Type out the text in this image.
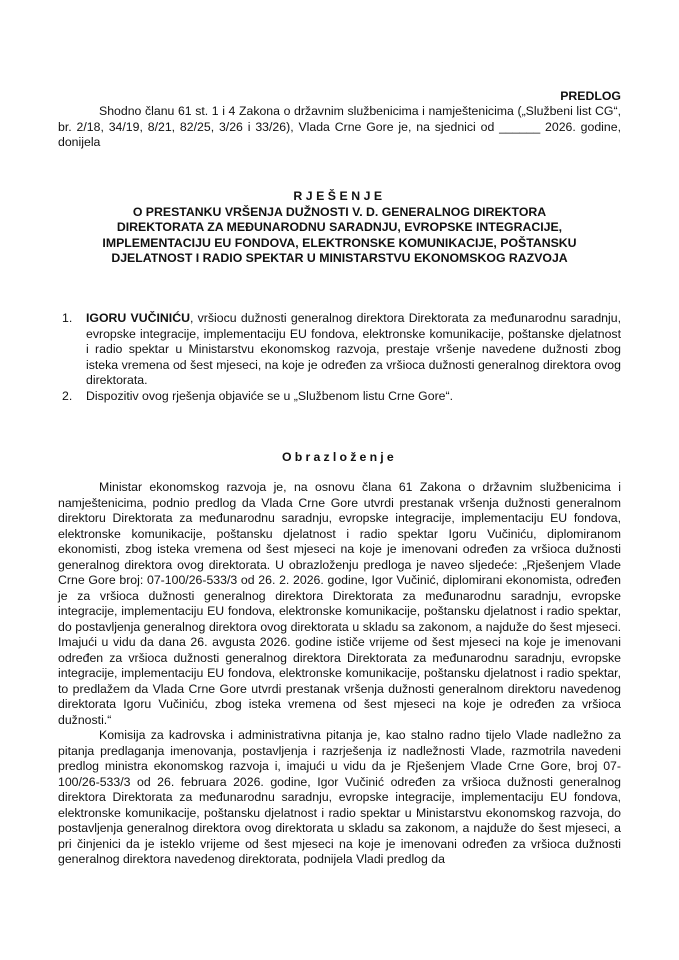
PREDLOG

Shodno članu 61 st. 1 i 4 Zakona o državnim službenicima i namještenicima („Službeni list CG“, br. 2/18, 34/19, 8/21, 82/25, 3/26 i 33/26), Vlada Crne Gore je, na sjednici od ______ 2026. godine, donijela

RJEŠENJE
O PRESTANKU VRŠENJA DUŽNOSTI V. D. GENERALNOG DIREKTORA
DIREKTORATA ZA MEĐUNARODNU SARADNJU, EVROPSKE INTEGRACIJE,
IMPLEMENTACIJU EU FONDOVA, ELEKTRONSKE KOMUNIKACIJE, POŠTANSKU
DJELATNOST I RADIO SPEKTAR U MINISTARSTVU EKONOMSKOG RAZVOJA
1.	IGORU VUČINIĆU, vršiocu dužnosti generalnog direktora Direktorata za međunarodnu saradnju, evropske integracije, implementaciju EU fondova, elektronske komunikacije, poštanske djelatnost i radio spektar u Ministarstvu ekonomskog razvoja, prestaje vršenje navedene dužnosti zbog isteka vremena od šest mjeseci, na koje je određen za vršioca dužnosti generalnog direktora ovog direktorata.
2.	Dispozitiv ovog rješenja objaviće se u „Službenom listu Crne Gore“.
Obrazloženje

Ministar ekonomskog razvoja je, na osnovu člana 61 Zakona o državnim službenicima i namještenicima, podnio predlog da Vlada Crne Gore utvrdi prestanak vršenja dužnosti generalnom direktoru Direktorata za međunarodnu saradnju, evropske integracije, implementaciju EU fondova, elektronske komunikacije, poštansku djelatnost i radio spektar Igoru Vučiniću, diplomiranom ekonomisti, zbog isteka vremena od šest mjeseci na koje je imenovani određen za vršioca dužnosti generalnog direktora ovog direktorata. U obrazloženju predloga je naveo sljedeće: „Rješenjem Vlade Crne Gore broj: 07-100/26-533/3 od 26. 2. 2026. godine, Igor Vučinić, diplomirani ekonomista, određen je za vršioca dužnosti generalnog direktora Direktorata za međunarodnu saradnju, evropske integracije, implementaciju EU fondova, elektronske komunikacije, poštansku djelatnost i radio spektar, do postavljenja generalnog direktora ovog direktorata u skladu sa zakonom, a najduže do šest mjeseci. Imajući u vidu da dana 26. avgusta 2026. godine ističe vrijeme od šest mjeseci na koje je imenovani određen za vršioca dužnosti generalnog direktora Direktorata za međunarodnu saradnju, evropske integracije, implementaciju EU fondova, elektronske komunikacije, poštansku djelatnost i radio spektar, to predlažem da Vlada Crne Gore utvrdi prestanak vršenja dužnosti generalnom direktoru navedenog direktorata Igoru Vučiniću, zbog isteka vremena od šest mjeseci na koje je određen za vršioca dužnosti.“

Komisija za kadrovska i administrativna pitanja je, kao stalno radno tijelo Vlade nadležno za pitanja predlaganja imenovanja, postavljenja i razrješenja iz nadležnosti Vlade, razmotrila navedeni predlog ministra ekonomskog razvoja i, imajući u vidu da je Rješenjem Vlade Crne Gore, broj 07-100/26-533/3 od 26. februara 2026. godine, Igor Vučinić određen za vršioca dužnosti generalnog direktora Direktorata za međunarodnu saradnju, evropske integracije, implementaciju EU fondova, elektronske komunikacije, poštansku djelatnost i radio spektar u Ministarstvu ekonomskog razvoja, do postavljenja generalnog direktora ovog direktorata u skladu sa zakonom, a najduže do šest mjeseci, a pri činjenici da je isteklo vrijeme od šest mjeseci na koje je imenovani određen za vršioca dužnosti generalnog direktora navedenog direktorata, podnijela Vladi predlog da
